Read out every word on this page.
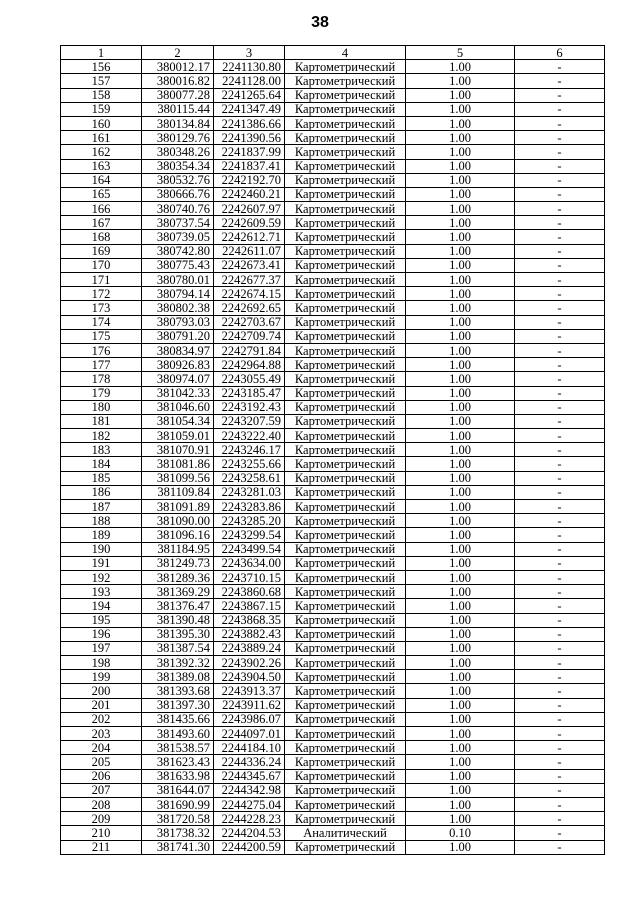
38
1	2	3	4	5	6
156	380012.17	2241130.80	Картометрический	1.00	-
157	380016.82	2241128.00	Картометрический	1.00	-
158	380077.28	2241265.64	Картометрический	1.00	-
159	380115.44	2241347.49	Картометрический	1.00	-
160	380134.84	2241386.66	Картометрический	1.00	-
161	380129.76	2241390.56	Картометрический	1.00	-
162	380348.26	2241837.99	Картометрический	1.00	-
163	380354.34	2241837.41	Картометрический	1.00	-
164	380532.76	2242192.70	Картометрический	1.00	-
165	380666.76	2242460.21	Картометрический	1.00	-
166	380740.76	2242607.97	Картометрический	1.00	-
167	380737.54	2242609.59	Картометрический	1.00	-
168	380739.05	2242612.71	Картометрический	1.00	-
169	380742.80	2242611.07	Картометрический	1.00	-
170	380775.43	2242673.41	Картометрический	1.00	-
171	380780.01	2242677.37	Картометрический	1.00	-
172	380794.14	2242674.15	Картометрический	1.00	-
173	380802.38	2242692.65	Картометрический	1.00	-
174	380793.03	2242703.67	Картометрический	1.00	-
175	380791.20	2242709.74	Картометрический	1.00	-
176	380834.97	2242791.84	Картометрический	1.00	-
177	380926.83	2242964.88	Картометрический	1.00	-
178	380974.07	2243055.49	Картометрический	1.00	-
179	381042.33	2243185.47	Картометрический	1.00	-
180	381046.60	2243192.43	Картометрический	1.00	-
181	381054.34	2243207.59	Картометрический	1.00	-
182	381059.01	2243222.40	Картометрический	1.00	-
183	381070.91	2243246.17	Картометрический	1.00	-
184	381081.86	2243255.66	Картометрический	1.00	-
185	381099.56	2243258.61	Картометрический	1.00	-
186	381109.84	2243281.03	Картометрический	1.00	-
187	381091.89	2243283.86	Картометрический	1.00	-
188	381090.00	2243285.20	Картометрический	1.00	-
189	381096.16	2243299.54	Картометрический	1.00	-
190	381184.95	2243499.54	Картометрический	1.00	-
191	381249.73	2243634.00	Картометрический	1.00	-
192	381289.36	2243710.15	Картометрический	1.00	-
193	381369.29	2243860.68	Картометрический	1.00	-
194	381376.47	2243867.15	Картометрический	1.00	-
195	381390.48	2243868.35	Картометрический	1.00	-
196	381395.30	2243882.43	Картометрический	1.00	-
197	381387.54	2243889.24	Картометрический	1.00	-
198	381392.32	2243902.26	Картометрический	1.00	-
199	381389.08	2243904.50	Картометрический	1.00	-
200	381393.68	2243913.37	Картометрический	1.00	-
201	381397.30	2243911.62	Картометрический	1.00	-
202	381435.66	2243986.07	Картометрический	1.00	-
203	381493.60	2244097.01	Картометрический	1.00	-
204	381538.57	2244184.10	Картометрический	1.00	-
205	381623.43	2244336.24	Картометрический	1.00	-
206	381633.98	2244345.67	Картометрический	1.00	-
207	381644.07	2244342.98	Картометрический	1.00	-
208	381690.99	2244275.04	Картометрический	1.00	-
209	381720.58	2244228.23	Картометрический	1.00	-
210	381738.32	2244204.53	Аналитический	0.10	-
211	381741.30	2244200.59	Картометрический	1.00	-
